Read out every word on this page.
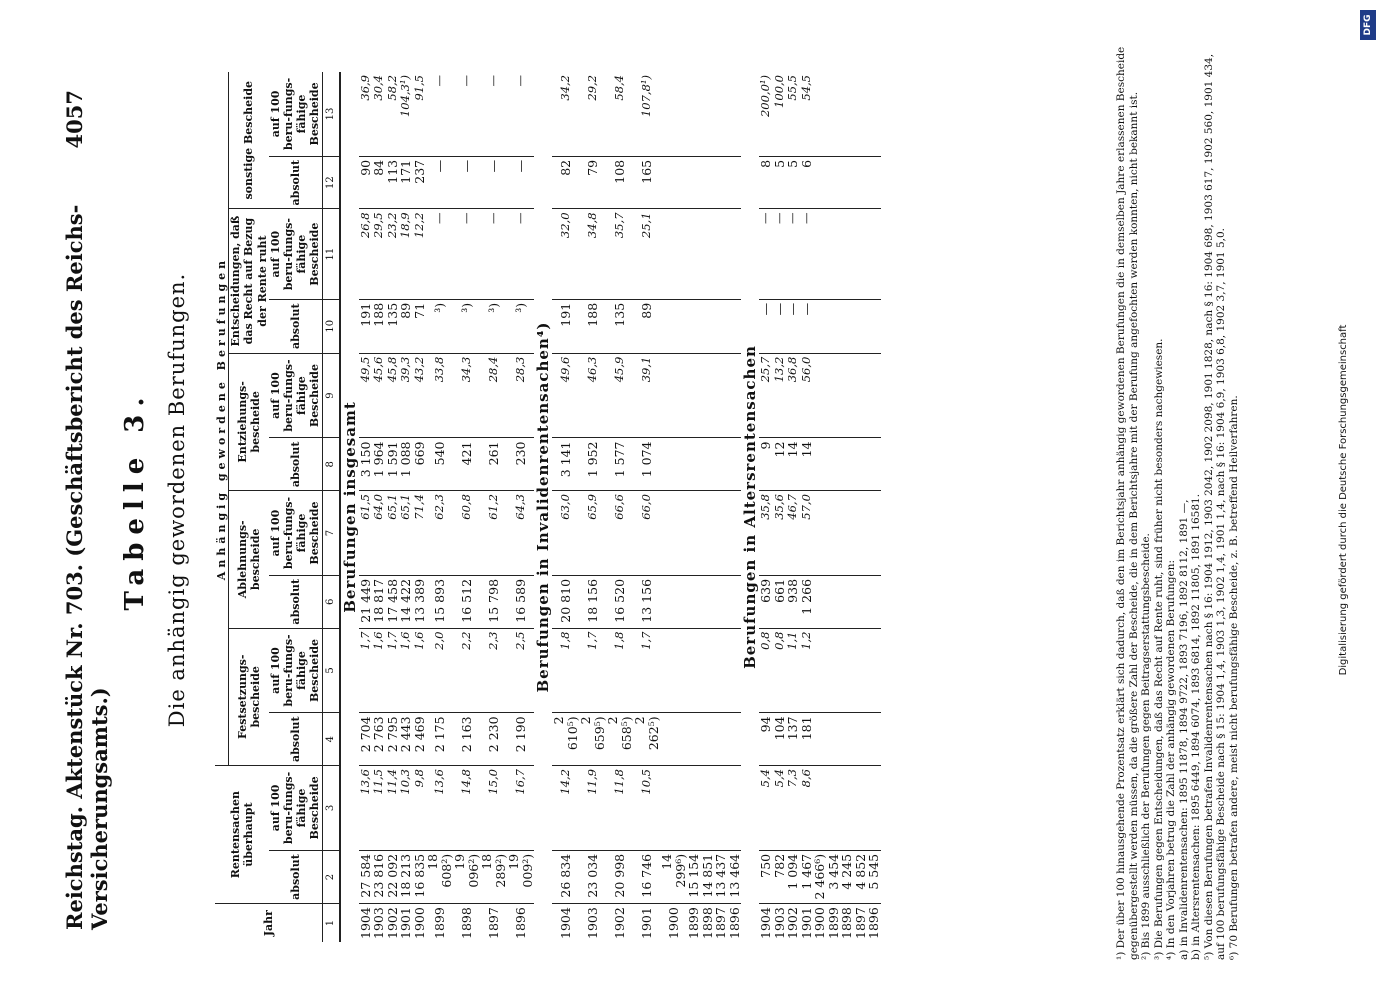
Reichstag. Aktenstück Nr. 703. (Geschäftsbericht des Reichs-Versicherungsamts.)
4057
Tabelle 3. Die anhängig gewordenen Berufungen.
Jahr	Rentensachen überhaupt		Anhängig gewordene Berufungen									
			Festsetzungs-bescheide		Ablehnungs-bescheide		Entziehungs-bescheide		Entscheidungen, daß das Recht auf Bezug der Rente ruht		sonstige Bescheide	
	absolut	auf 100 beru-fungs-fähige Bescheide	absolut	auf 100 beru-fungs-fähige Bescheide	absolut	auf 100 beru-fungs-fähige Bescheide	absolut	auf 100 beru-fungs-fähige Bescheide	absolut	auf 100 beru-fungs-fähige Bescheide	absolut	auf 100 beru-fungs-fähige Bescheide
1	2	3	4	5	6	7	8	9	10	11	12	13
Berufungen insgesamt												
1904	27 584	13,6	2 704	1,7	21 449	61,5	3 150	49,5	191	26,8	90	36,9
1903	23 816	11,5	2 763	1,6	18 817	64,0	1 964	45,6	188	29,5	84	30,4
1902	22 092	11,4	2 795	1,7	17 458	65,1	1 591	45,8	135	23,2	113	58,2
1901	18 213	10,3	2 443	1,6	14 422	65,1	1 088	39,3	89	18,9	171	104,3¹)
1900	16 835	9,8	2 469	1,6	13 389	71,4	669	43,2	71	12,2	237	91,5
1899	18 608²)	13,6	2 175	2,0	15 893	62,3	540	33,8	³)	—	—	—
1898	19 096²)	14,8	2 163	2,2	16 512	60,8	421	34,3	³)	—	—	—
1897	18 289²)	15,0	2 230	2,3	15 798	61,2	261	28,4	³)	—	—	—
1896	19 009²)	16,7	2 190	2,5	16 589	64,3	230	28,3	³)	—	—	—
Berufungen in Invalidenrentensachen⁴)												
1904	26 834	14,2	2 610⁵)	1,8	20 810	63,0	3 141	49,6	191	32,0	82	34,2
1903	23 034	11,9	2 659⁵)	1,7	18 156	65,9	1 952	46,3	188	34,8	79	29,2
1902	20 998	11,8	2 658⁵)	1,8	16 520	66,6	1 577	45,9	135	35,7	108	58,4
1901	16 746	10,5	2 262⁵)	1,7	13 156	66,0	1 074	39,1	89	25,1	165	107,8¹)
1900	14 299⁶)											
1899	15 154											
1898	14 851											
1897	13 437											
1896	13 464											
Berufungen in Altersrentensachen												
1904	750	5,4	94	0,8	639	35,8	9	25,7	—	—	8	200,0¹)
1903	782	5,4	104	0,8	661	35,6	12	13,2	—	—	5	100,0
1902	1 094	7,3	137	1,1	938	46,7	14	36,8	—	—	5	55,5
1901	1 467	8,6	181	1,2	1 266	57,0	14	56,0	—	—	6	54,5
1900	2 466⁶)											
1899	3 454											
1898	4 245											
1897	4 852											
1896	5 545												¹) Der über 100 hinausgehende Prozentsatz erklärt sich dadurch, daß den im Berichtsjahr anhängig gewordenen Berufungen die in demselben Jahre erlassenen Bescheide gegenübergestellt werden müssen, da die größere Zahl der Bescheide, die in dem Berichtsjahre mit der Berufung angefochten werden konnten, nicht bekannt ist. ²) Bis 1899 ausschließlich der Berufungen gegen Beitragserstattungsbescheide. ³) Die Berufungen gegen Entscheidungen, daß das Recht auf Rente ruht, sind früher nicht besonders nachgewiesen. ⁴) In den Vorjahren betrug die Zahl der anhängig gewordenen Berufungen: a) in Invalidenrentensachen: 1895 11878, 1894 9722, 1893 7196, 1892 8112, 1891 —, b) in Altersrentensachen: 1895 6449, 1894 6074, 1893 6814, 1892 11805, 1891 16581. ⁵) Von diesen Berufungen betrafen Invalidenrentensachen nach § 16: 1904 1912, 1903 2042, 1902 2098, 1901 1828, nach § 16: 1904 698, 1903 617, 1902 560, 1901 434, auf 100 berufungsfähige Bescheide nach § 15: 1904 1,4, 1903 1,3, 1902 1,4, 1901 1,4, nach § 16: 1904 6,9, 1903 6,8, 1902 3,7, 1901 5,0. ⁶) 70 Berufungen betrafen andere, meist nicht berufungsfähige Bescheide, z. B. betreffend Heilverfahren.	Digitalisierung gefördert durch die Deutsche Forschungsgemeinschaft
DFG
